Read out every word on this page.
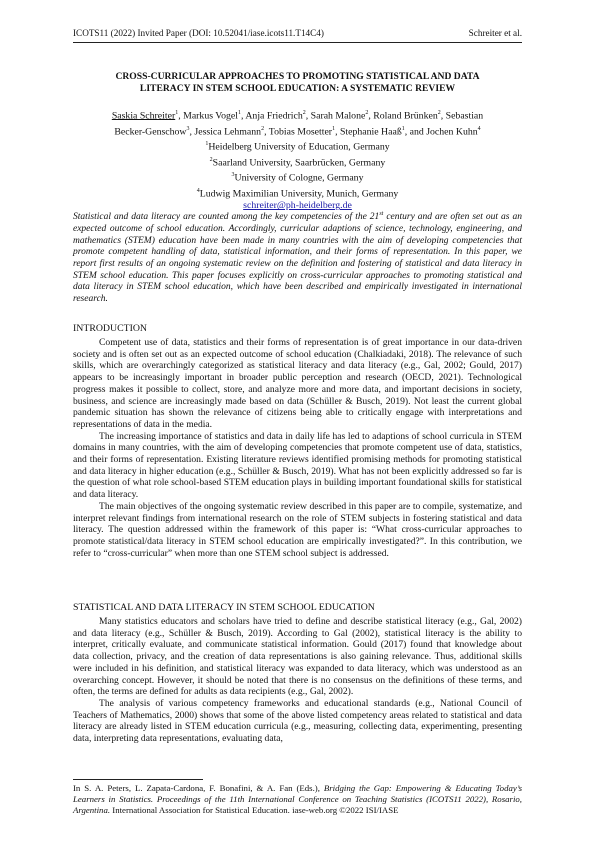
ICOTS11 (2022) Invited Paper (DOI: 10.52041/iase.icots11.T14C4)	Schreiter et al.
CROSS-CURRICULAR APPROACHES TO PROMOTING STATISTICAL AND DATA
LITERACY IN STEM SCHOOL EDUCATION: A SYSTEMATIC REVIEW
Saskia Schreiter$^1$, Markus Vogel$^1$, Anja Friedrich$^2$, Sarah Malone$^2$, Roland Brünken$^2$, Sebastian
Becker-Genschow$^3$, Jessica Lehmann$^2$, Tobias Mosetter$^1$, Stephanie Haaß$^1$, and Jochen Kuhn$^4$
$^1$Heidelberg University of Education, Germany
$^2$Saarland University, Saarbrücken, Germany
$^3$University of Cologne, Germany
$^4$Ludwig Maximilian University, Munich, Germany
schreiter@ph-heidelberg.de

Statistical and data literacy are counted among the key competencies of the 21st century and are often set out as an expected outcome of school education. Accordingly, curricular adaptions of science, technology, engineering, and mathematics (STEM) education have been made in many countries with the aim of developing competencies that promote competent handling of data, statistical information, and their forms of representation. In this paper, we report first results of an ongoing systematic review on the definition and fostering of statistical and data literacy in STEM school education. This paper focuses explicitly on cross-curricular approaches to promoting statistical and data literacy in STEM school education, which have been described and empirically investigated in international research.

INTRODUCTION

Competent use of data, statistics and their forms of representation is of great importance in our data-driven society and is often set out as an expected outcome of school education (Chalkiadaki, 2018). The relevance of such skills, which are overarchingly categorized as statistical literacy and data literacy (e.g., Gal, 2002; Gould, 2017) appears to be increasingly important in broader public perception and research (OECD, 2021). Technological progress makes it possible to collect, store, and analyze more and more data, and important decisions in society, business, and science are increasingly made based on data (Schüller & Busch, 2019). Not least the current global pandemic situation has shown the relevance of citizens being able to critically engage with interpretations and representations of data in the media.

The increasing importance of statistics and data in daily life has led to adaptions of school curricula in STEM domains in many countries, with the aim of developing competencies that promote competent use of data, statistics, and their forms of representation. Existing literature reviews identified promising methods for promoting statistical and data literacy in higher education (e.g., Schüller & Busch, 2019). What has not been explicitly addressed so far is the question of what role school-based STEM education plays in building important foundational skills for statistical and data literacy.

The main objectives of the ongoing systematic review described in this paper are to compile, systematize, and interpret relevant findings from international research on the role of STEM subjects in fostering statistical and data literacy. The question addressed within the framework of this paper is: “What cross-curricular approaches to promote statistical/data literacy in STEM school education are empirically investigated?”. In this contribution, we refer to “cross-curricular” when more than one STEM school subject is addressed.

STATISTICAL AND DATA LITERACY IN STEM SCHOOL EDUCATION

Many statistics educators and scholars have tried to define and describe statistical literacy (e.g., Gal, 2002) and data literacy (e.g., Schüller & Busch, 2019). According to Gal (2002), statistical literacy is the ability to interpret, critically evaluate, and communicate statistical information. Gould (2017) found that knowledge about data collection, privacy, and the creation of data representations is also gaining relevance. Thus, additional skills were included in his definition, and statistical literacy was expanded to data literacy, which was understood as an overarching concept. However, it should be noted that there is no consensus on the definitions of these terms, and often, the terms are defined for adults as data recipients (e.g., Gal, 2002).

The analysis of various competency frameworks and educational standards (e.g., National Council of Teachers of Mathematics, 2000) shows that some of the above listed competency areas related to statistical and data literacy are already listed in STEM education curricula (e.g., measuring, collecting data, experimenting, presenting data, interpreting data representations, evaluating data,

In S. A. Peters, L. Zapata-Cardona, F. Bonafini, & A. Fan (Eds.), Bridging the Gap: Empowering & Educating Today’s Learners in Statistics. Proceedings of the 11th International Conference on Teaching Statistics (ICOTS11 2022), Rosario, Argentina. International Association for Statistical Education. iase-web.org ©2022 ISI/IASE
